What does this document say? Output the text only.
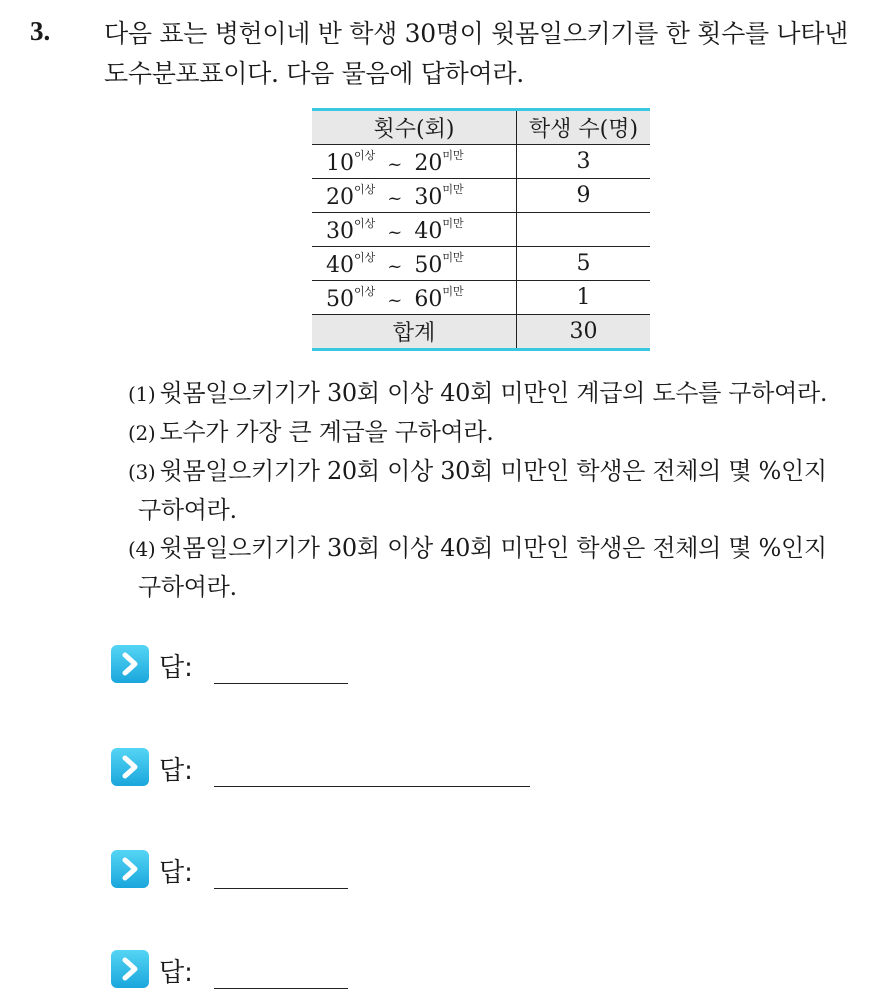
3. 다음 표는 병헌이네 반 학생 30명이 윗몸일으키기를 한 횟수를 나타낸
도수분포표이다. 다음 물음에 답하여라.
횟수(회)	학생 수(명)
$10^{이상}$ ~ $20^{미만}$	3
$20^{이상}$ ~ $30^{미만}$	9
$30^{이상}$ ~ $40^{미만}$	
$40^{이상}$ ~ $50^{미만}$	5
$50^{이상}$ ~ $60^{미만}$	1
합계	30
(1) 윗몸일으키기가 30회 이상 40회 미만인 계급의 도수를 구하여라.
(2) 도수가 가장 큰 계급을 구하여라.
(3) 윗몸일으키기가 20회 이상 30회 미만인 학생은 전체의 몇 %인지
구하여라.
(4) 윗몸일으키기가 30회 이상 40회 미만인 학생은 전체의 몇 %인지
구하여라.
답:
답:
답:
답:
